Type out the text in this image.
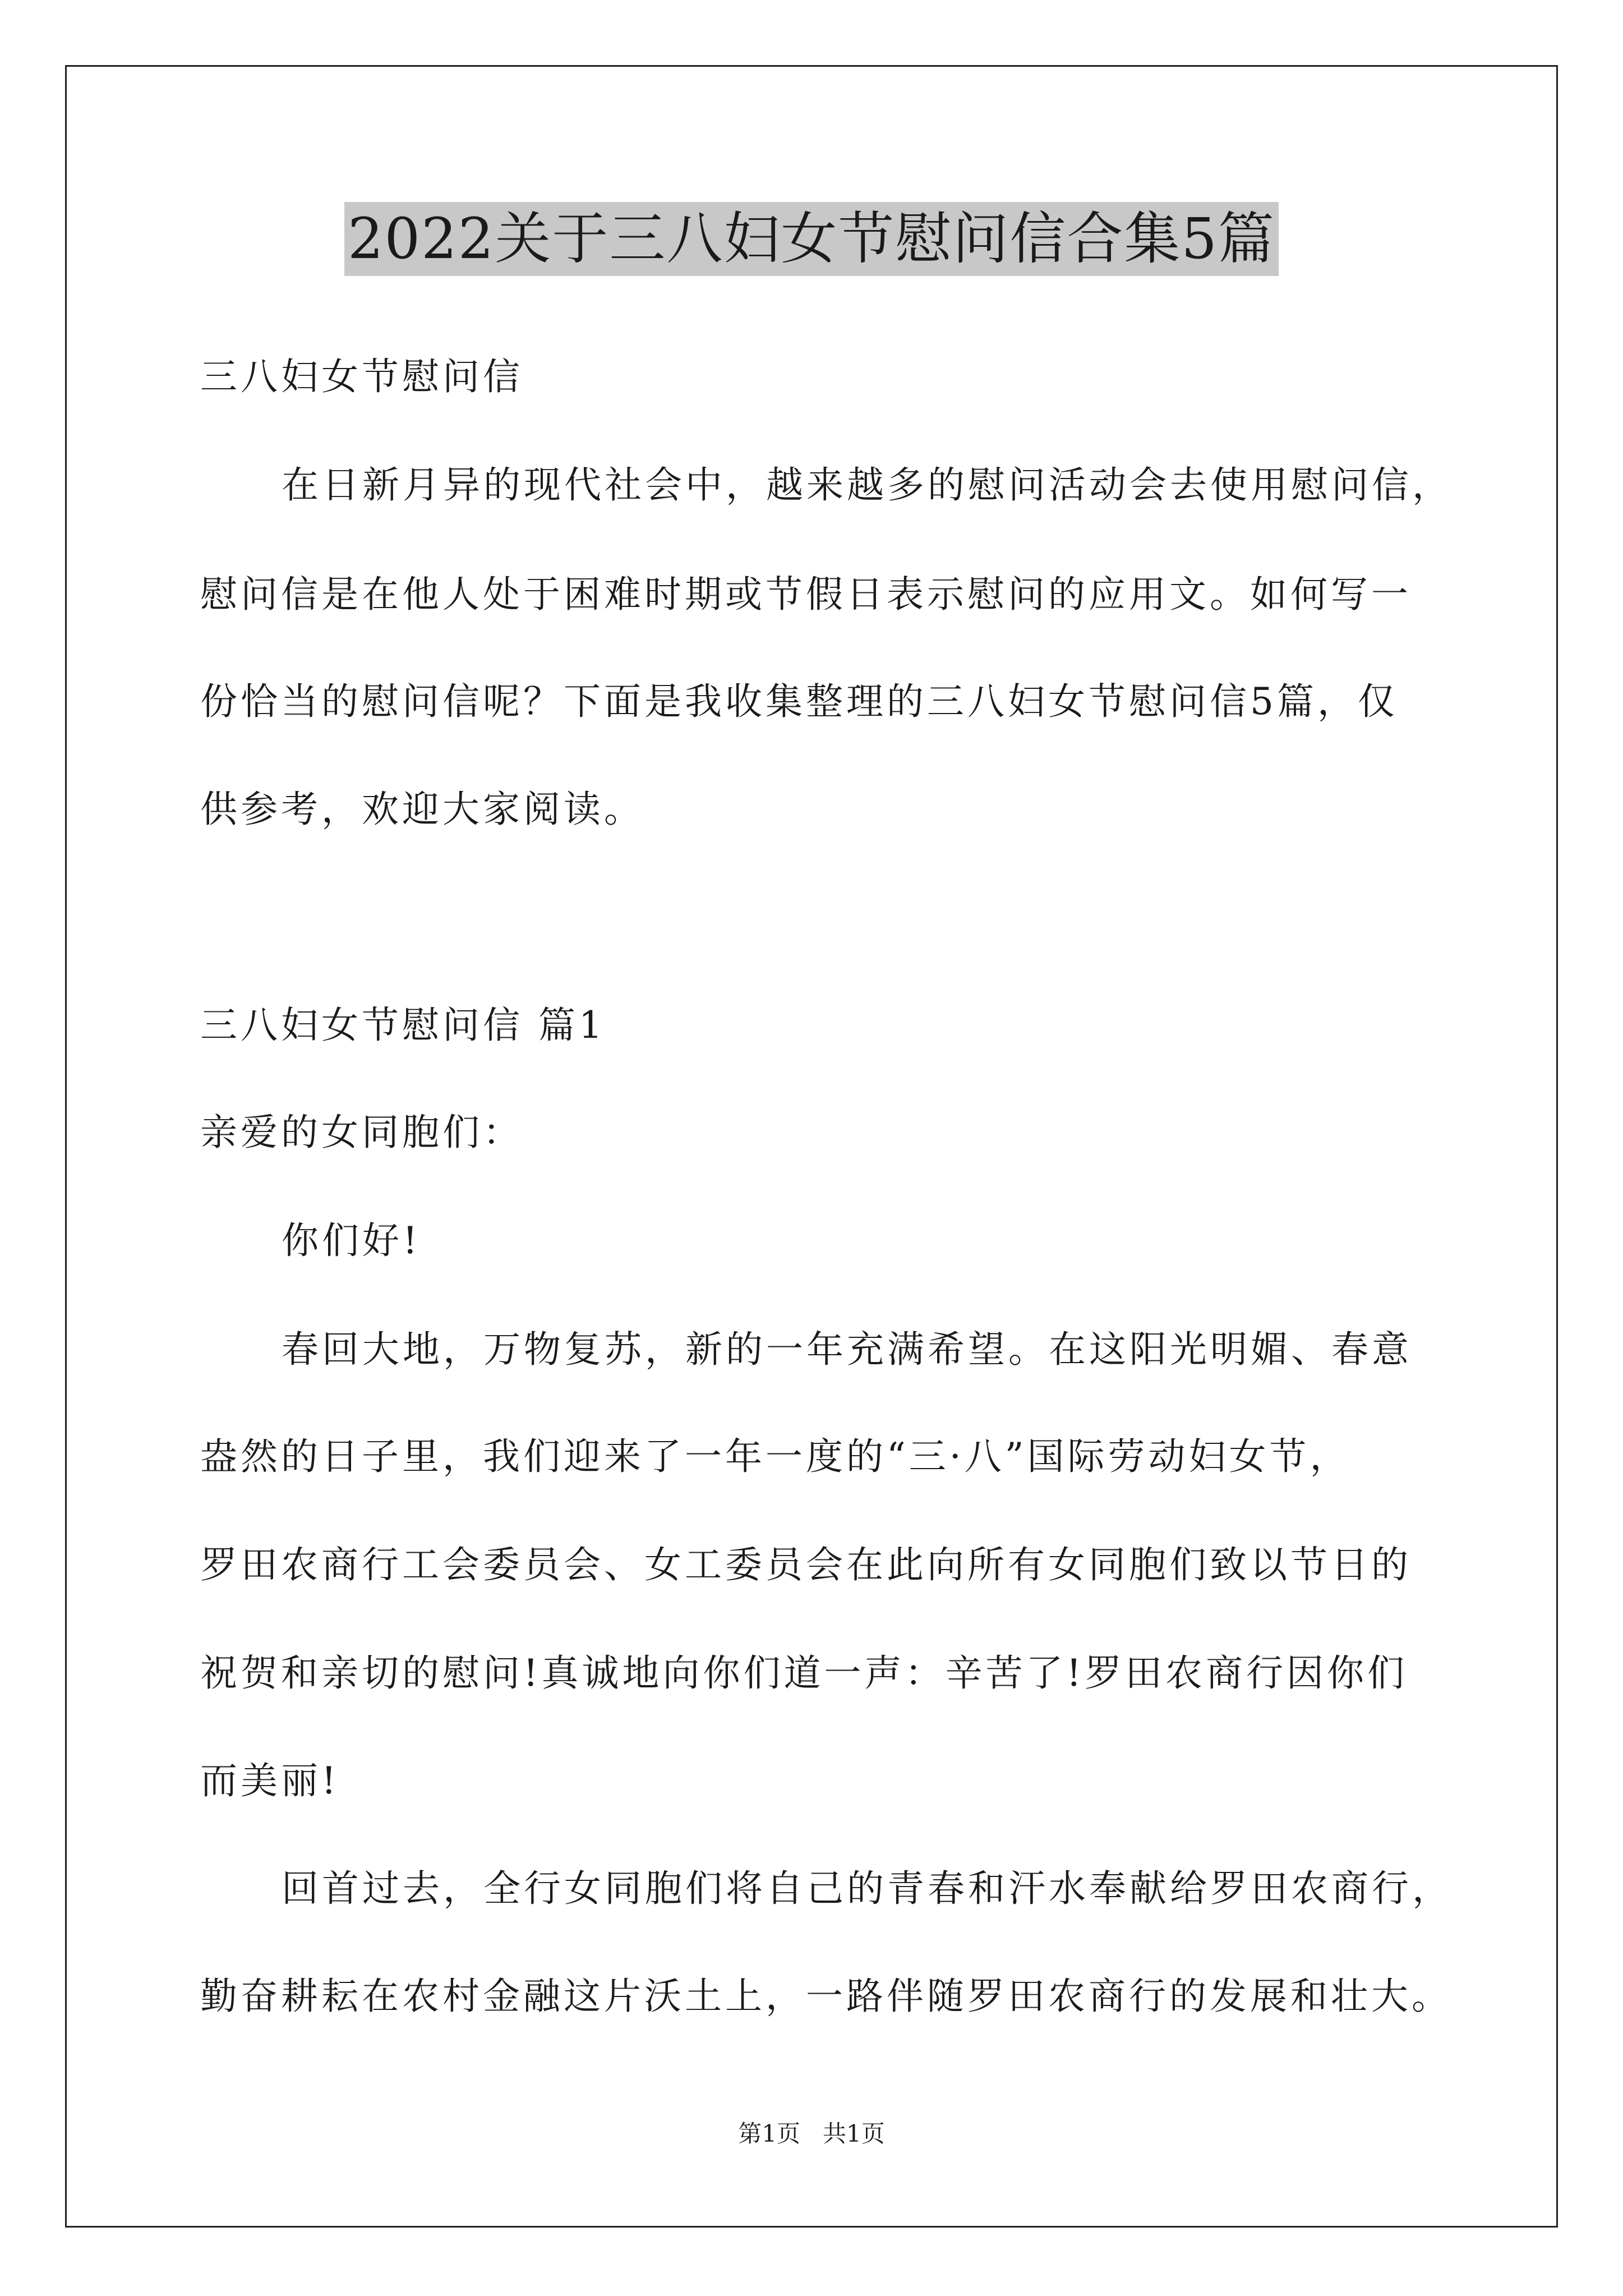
2022关于三八妇女节慰问信合集5篇
三八妇女节慰问信
在日新月异的现代社会中，越来越多的慰问活动会去使用慰问信，
慰问信是在他人处于困难时期或节假日表示慰问的应用文。如何写一
份恰当的慰问信呢？下面是我收集整理的三八妇女节慰问信5篇，仅
供参考，欢迎大家阅读。
三八妇女节慰问信 篇1
亲爱的女同胞们：
你们好!
春回大地，万物复苏，新的一年充满希望。在这阳光明媚、春意
盎然的日子里，我们迎来了一年一度的“三·八”国际劳动妇女节，
罗田农商行工会委员会、女工委员会在此向所有女同胞们致以节日的
祝贺和亲切的慰问!真诚地向你们道一声：辛苦了!罗田农商行因你们
而美丽!
回首过去，全行女同胞们将自己的青春和汗水奉献给罗田农商行，
勤奋耕耘在农村金融这片沃土上，一路伴随罗田农商行的发展和壮大。
第1页   共1页
